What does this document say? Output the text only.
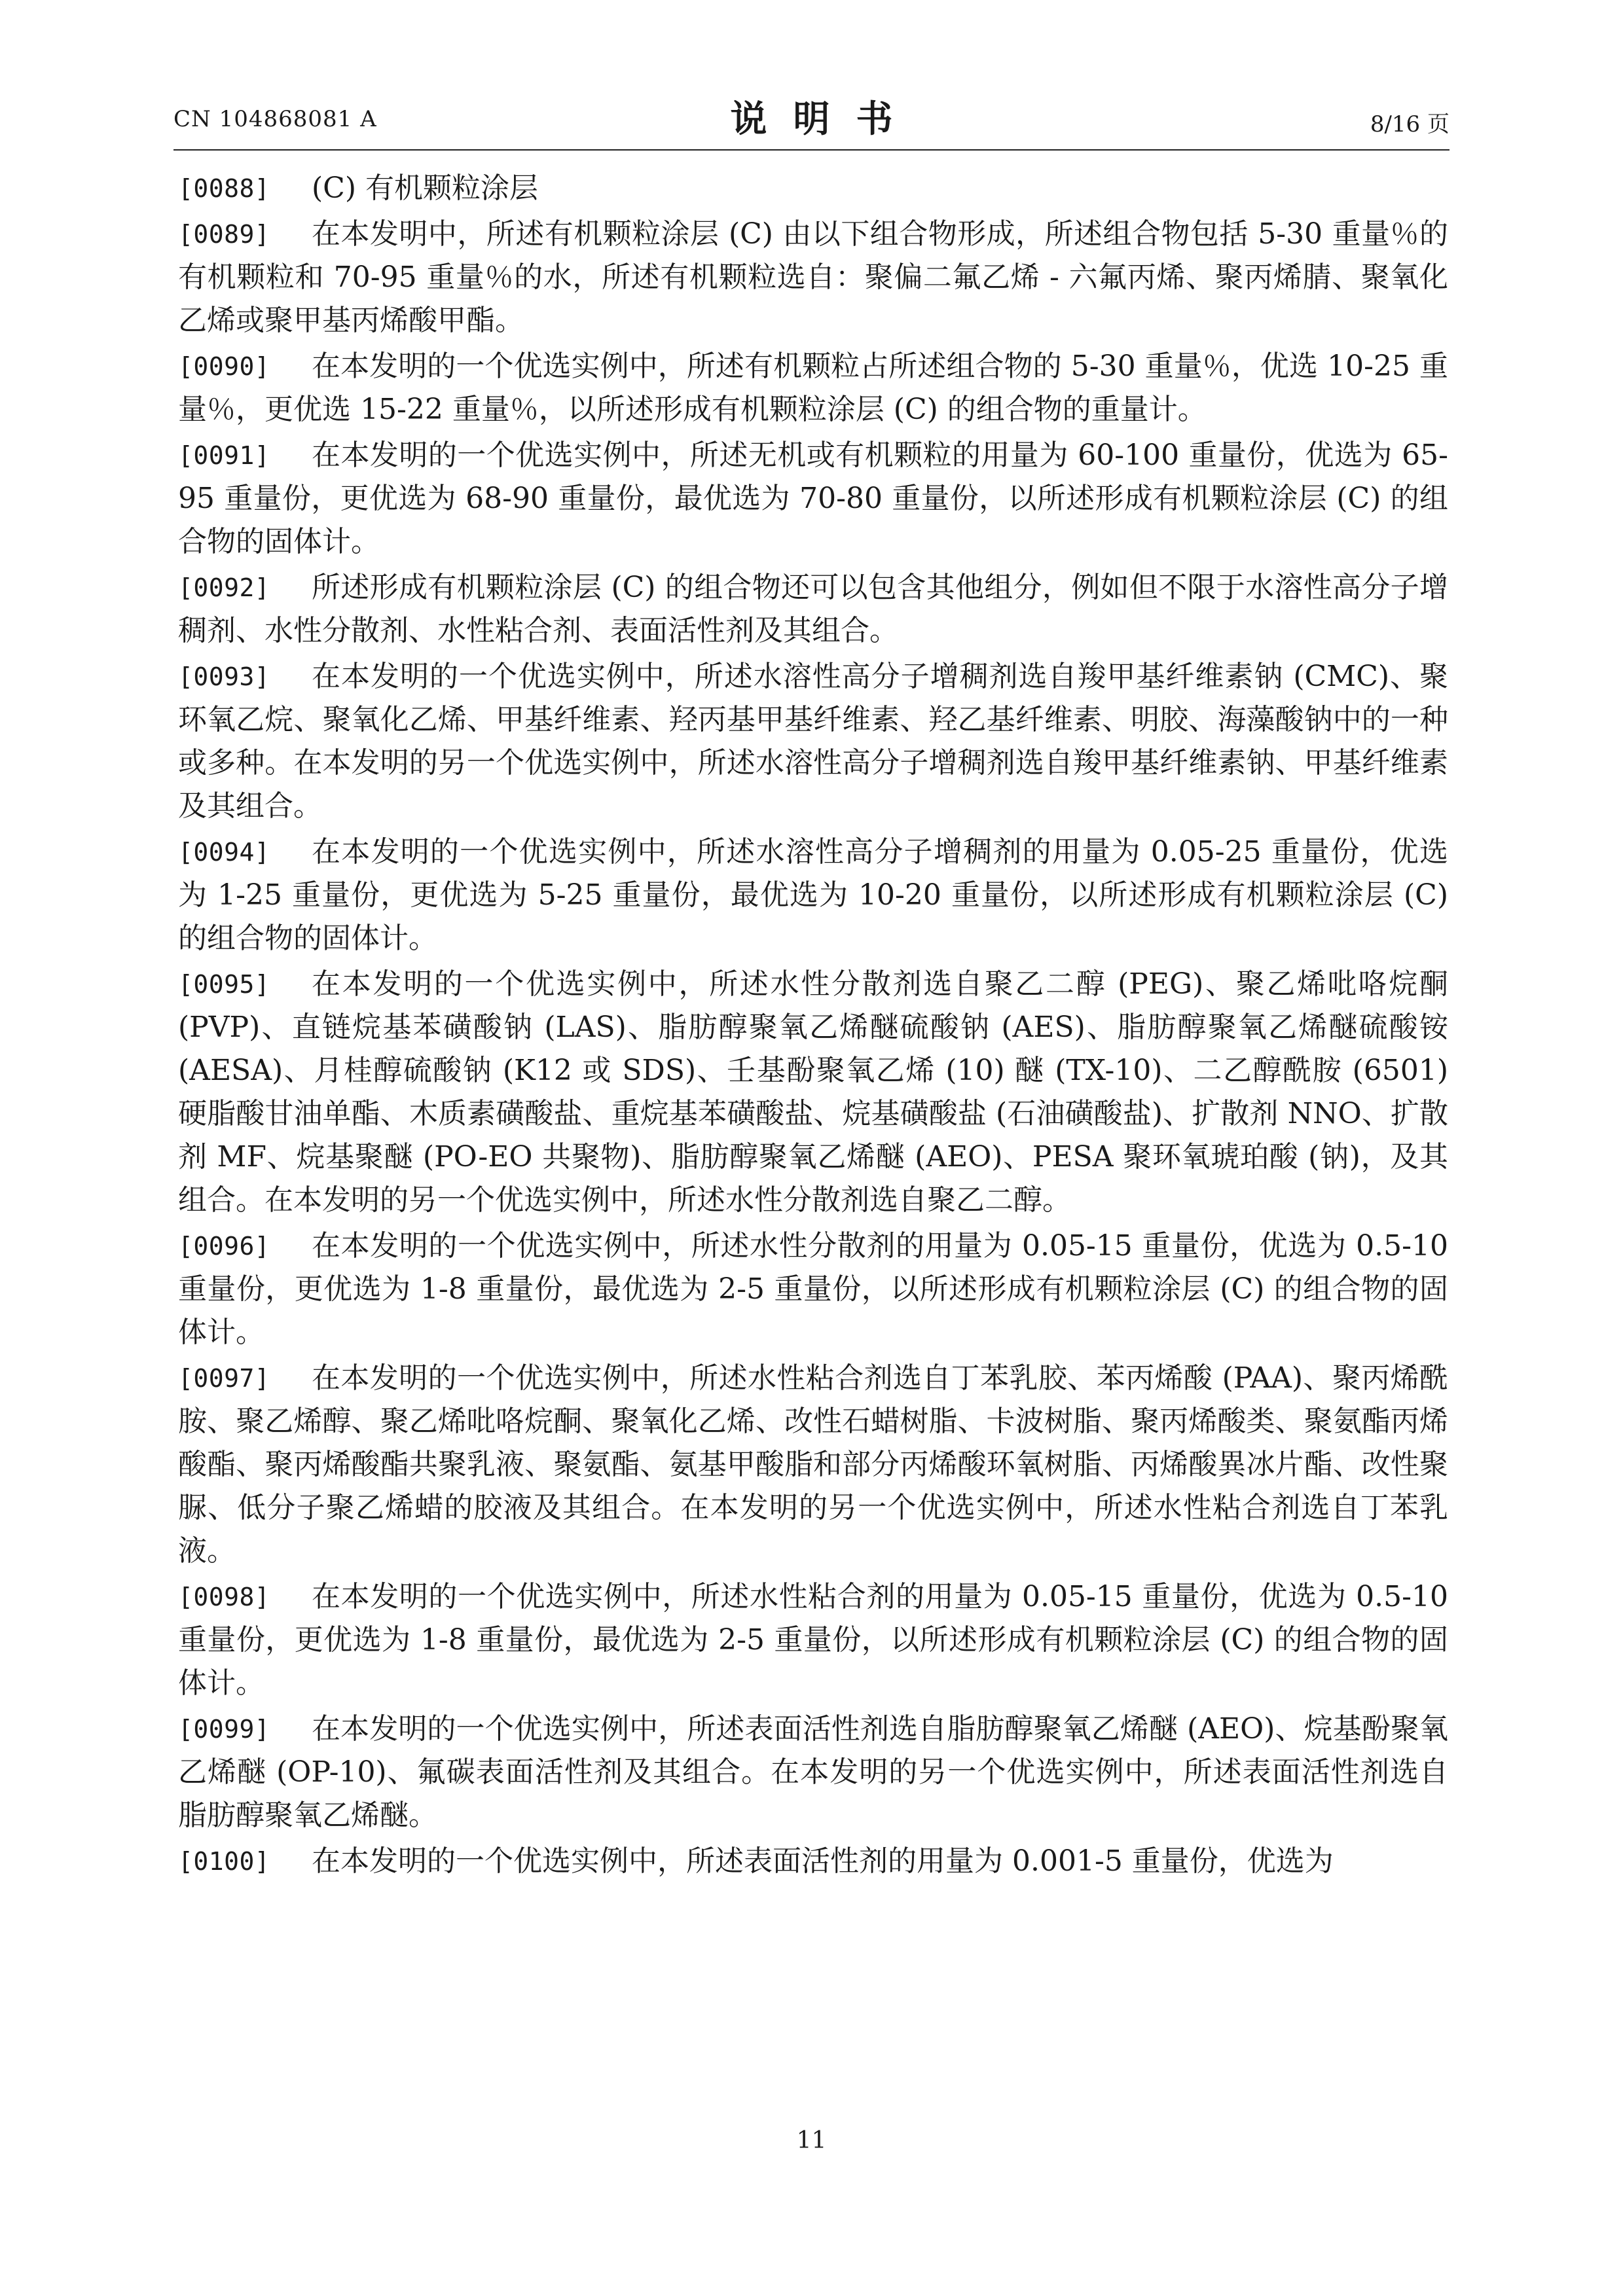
CN 104868081 A	说明书	8/16 页

[0088]	(C) 有机颗粒涂层

[0089]	在本发明中，所述有机颗粒涂层 (C) 由以下组合物形成，所述组合物包括 5-30 重量％的有机颗粒和 70-95 重量％的水，所述有机颗粒选自：聚偏二氟乙烯 - 六氟丙烯、聚丙烯腈、聚氧化乙烯或聚甲基丙烯酸甲酯。

[0090]	在本发明的一个优选实例中，所述有机颗粒占所述组合物的 5-30 重量％，优选 10-25 重量％，更优选 15-22 重量％，以所述形成有机颗粒涂层 (C) 的组合物的重量计。

[0091]	在本发明的一个优选实例中，所述无机或有机颗粒的用量为 60-100 重量份，优选为 65-95 重量份，更优选为 68-90 重量份，最优选为 70-80 重量份，以所述形成有机颗粒涂层 (C) 的组合物的固体计。

[0092]	所述形成有机颗粒涂层 (C) 的组合物还可以包含其他组分，例如但不限于水溶性高分子增稠剂、水性分散剂、水性粘合剂、表面活性剂及其组合。

[0093]	在本发明的一个优选实例中，所述水溶性高分子增稠剂选自羧甲基纤维素钠 (CMC)、聚环氧乙烷、聚氧化乙烯、甲基纤维素、羟丙基甲基纤维素、羟乙基纤维素、明胶、海藻酸钠中的一种或多种。在本发明的另一个优选实例中，所述水溶性高分子增稠剂选自羧甲基纤维素钠、甲基纤维素及其组合。

[0094]	在本发明的一个优选实例中，所述水溶性高分子增稠剂的用量为 0.05-25 重量份，优选为 1-25 重量份，更优选为 5-25 重量份，最优选为 10-20 重量份，以所述形成有机颗粒涂层 (C) 的组合物的固体计。

[0095]	在本发明的一个优选实例中，所述水性分散剂选自聚乙二醇 (PEG)、聚乙烯吡咯烷酮 (PVP)、直链烷基苯磺酸钠 (LAS)、脂肪醇聚氧乙烯醚硫酸钠 (AES)、脂肪醇聚氧乙烯醚硫酸铵 (AESA)、月桂醇硫酸钠 (K12 或 SDS)、壬基酚聚氧乙烯 (10) 醚 (TX-10)、二乙醇酰胺 (6501) 硬脂酸甘油单酯、木质素磺酸盐、重烷基苯磺酸盐、烷基磺酸盐 (石油磺酸盐)、扩散剂 NNO、扩散剂 MF、烷基聚醚 (PO-EO 共聚物)、脂肪醇聚氧乙烯醚 (AEO)、PESA 聚环氧琥珀酸 (钠)，及其组合。在本发明的另一个优选实例中，所述水性分散剂选自聚乙二醇。

[0096]	在本发明的一个优选实例中，所述水性分散剂的用量为 0.05-15 重量份，优选为 0.5-10 重量份，更优选为 1-8 重量份，最优选为 2-5 重量份，以所述形成有机颗粒涂层 (C) 的组合物的固体计。

[0097]	在本发明的一个优选实例中，所述水性粘合剂选自丁苯乳胶、苯丙烯酸 (PAA)、聚丙烯酰胺、聚乙烯醇、聚乙烯吡咯烷酮、聚氧化乙烯、改性石蜡树脂、卡波树脂、聚丙烯酸类、聚氨酯丙烯酸酯、聚丙烯酸酯共聚乳液、聚氨酯、氨基甲酸脂和部分丙烯酸环氧树脂、丙烯酸異冰片酯、改性聚脲、低分子聚乙烯蜡的胶液及其组合。在本发明的另一个优选实例中，所述水性粘合剂选自丁苯乳液。

[0098]	在本发明的一个优选实例中，所述水性粘合剂的用量为 0.05-15 重量份，优选为 0.5-10 重量份，更优选为 1-8 重量份，最优选为 2-5 重量份，以所述形成有机颗粒涂层 (C) 的组合物的固体计。

[0099]	在本发明的一个优选实例中，所述表面活性剂选自脂肪醇聚氧乙烯醚 (AEO)、烷基酚聚氧乙烯醚 (OP-10)、氟碳表面活性剂及其组合。在本发明的另一个优选实例中，所述表面活性剂选自脂肪醇聚氧乙烯醚。

[0100]	在本发明的一个优选实例中，所述表面活性剂的用量为 0.001-5 重量份，优选为

11
